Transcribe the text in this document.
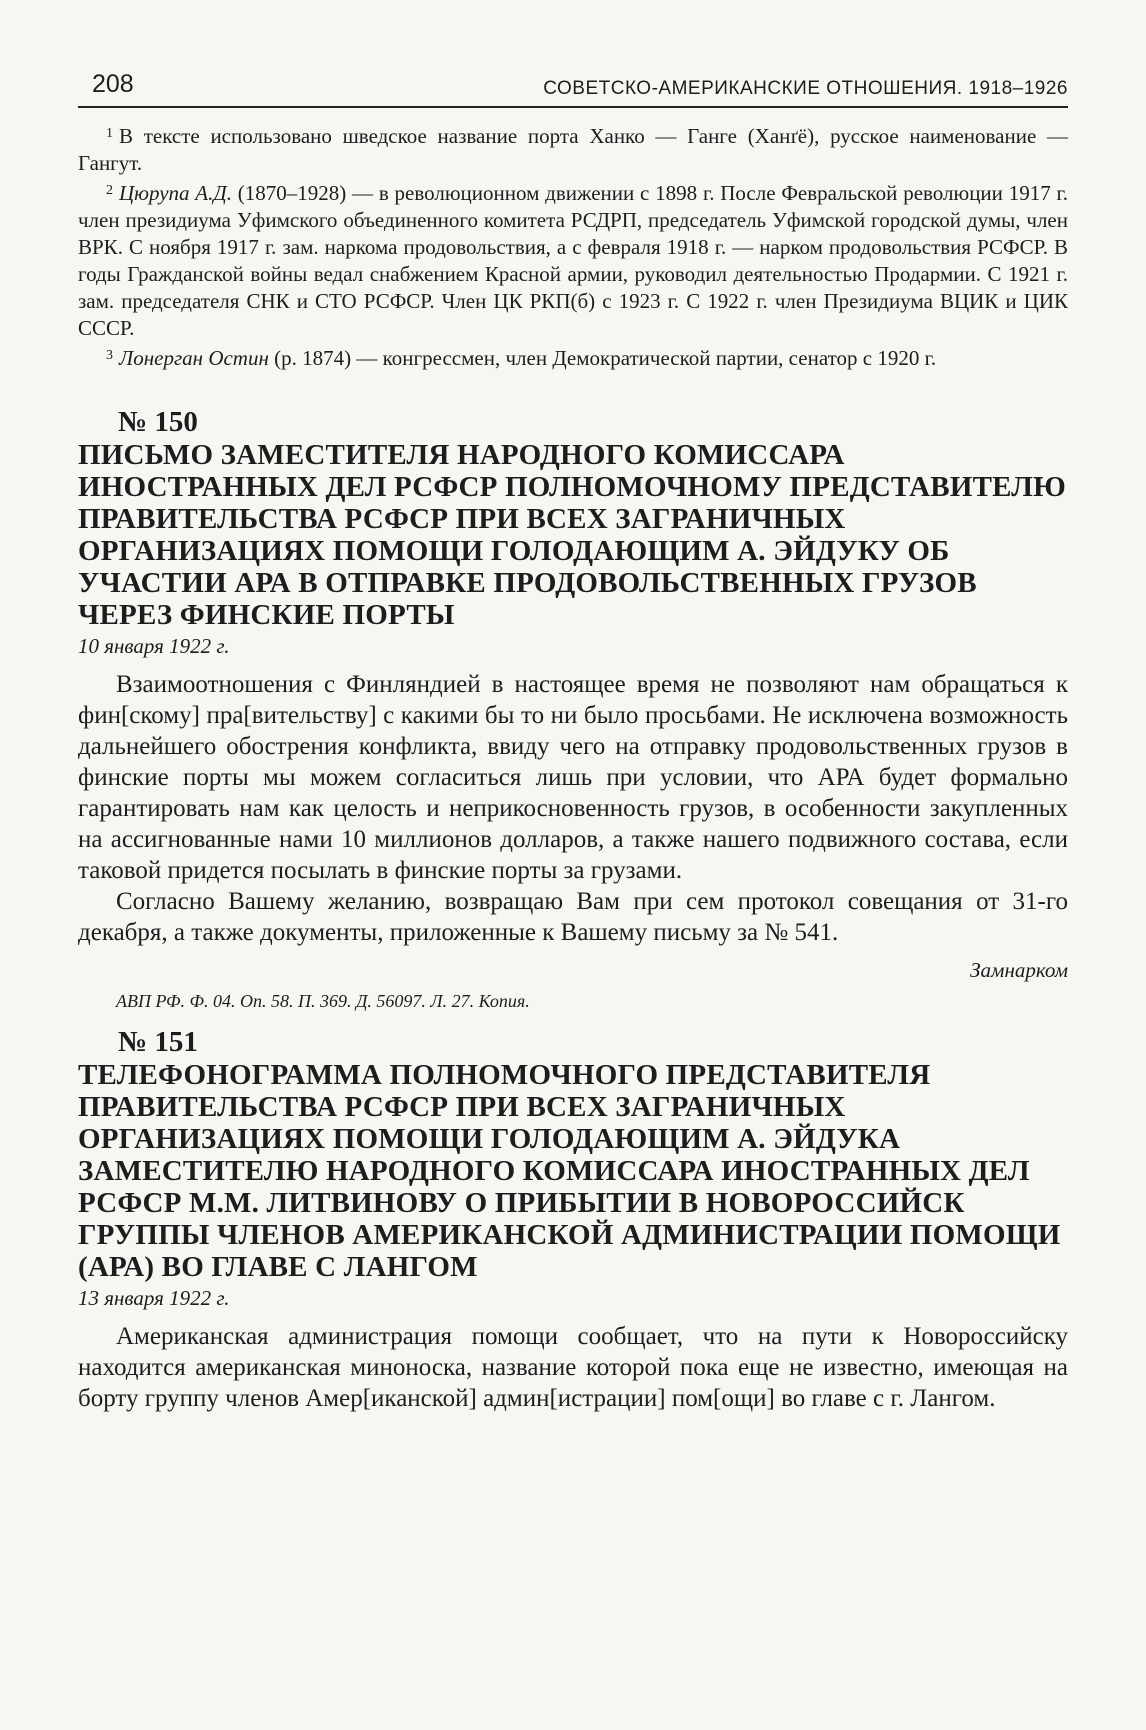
208	СОВЕТСКО-АМЕРИКАНСКИЕ ОТНОШЕНИЯ. 1918–1926

$^1$ В тексте использовано шведское название порта Ханко — Ганге (Ханґё), русское наименование — Гангут.

$^2$ Цюрупа А.Д. (1870–1928) — в революционном движении с 1898 г. После Февральской революции 1917 г. член президиума Уфимского объединенного комитета РСДРП, председатель Уфимской городской думы, член ВРК. С ноября 1917 г. зам. наркома продовольствия, а с февраля 1918 г. — нарком продовольствия РСФСР. В годы Гражданской войны ведал снабжением Красной армии, руководил деятельностью Продармии. С 1921 г. зам. председателя СНК и СТО РСФСР. Член ЦК РКП(б) с 1923 г. С 1922 г. член Президиума ВЦИК и ЦИК СССР.

$^3$ Лонерган Остин (р. 1874) — конгрессмен, член Демократической партии, сенатор с 1920 г.

№ 150
ПИСЬМО ЗАМЕСТИТЕЛЯ НАРОДНОГО КОМИССАРА ИНОСТРАННЫХ ДЕЛ РСФСР ПОЛНОМОЧНОМУ ПРЕДСТАВИТЕЛЮ ПРАВИТЕЛЬСТВА РСФСР ПРИ ВСЕХ ЗАГРАНИЧНЫХ ОРГАНИЗАЦИЯХ ПОМОЩИ ГОЛОДАЮЩИМ А. ЭЙДУКУ ОБ УЧАСТИИ АРА В ОТПРАВКЕ ПРОДОВОЛЬСТВЕННЫХ ГРУЗОВ ЧЕРЕЗ ФИНСКИЕ ПОРТЫ
10 января 1922 г.

Взаимоотношения с Финляндией в настоящее время не позволяют нам обращаться к фин[скому] пра[вительству] с какими бы то ни было просьбами. Не исключена возможность дальнейшего обострения конфликта, ввиду чего на отправку продовольственных грузов в финские порты мы можем согласиться лишь при условии, что АРА будет формально гарантировать нам как целость и неприкосновенность грузов, в особенности закупленных на ассигнованные нами 10 миллионов долларов, а также нашего подвижного состава, если таковой придется посылать в финские порты за грузами.

Согласно Вашему желанию, возвращаю Вам при сем протокол совещания от 31-го декабря, а также документы, приложенные к Вашему письму за № 541.

Замнарком
АВП РФ. Ф. 04. Оп. 58. П. 369. Д. 56097. Л. 27. Копия.
№ 151
ТЕЛЕФОНОГРАММА ПОЛНОМОЧНОГО ПРЕДСТАВИТЕЛЯ ПРАВИТЕЛЬСТВА РСФСР ПРИ ВСЕХ ЗАГРАНИЧНЫХ ОРГАНИЗАЦИЯХ ПОМОЩИ ГОЛОДАЮЩИМ А. ЭЙДУКА ЗАМЕСТИТЕЛЮ НАРОДНОГО КОМИССАРА ИНОСТРАННЫХ ДЕЛ РСФСР М.М. ЛИТВИНОВУ О ПРИБЫТИИ В НОВОРОССИЙСК ГРУППЫ ЧЛЕНОВ АМЕРИКАНСКОЙ АДМИНИСТРАЦИИ ПОМОЩИ (АРА) ВО ГЛАВЕ С ЛАНГОМ
13 января 1922 г.

Американская администрация помощи сообщает, что на пути к Новороссийску находится американская миноноска, название которой пока еще не известно, имеющая на борту группу членов Амер[иканской] админ[истрации] пом[ощи] во главе с г. Лангом.
